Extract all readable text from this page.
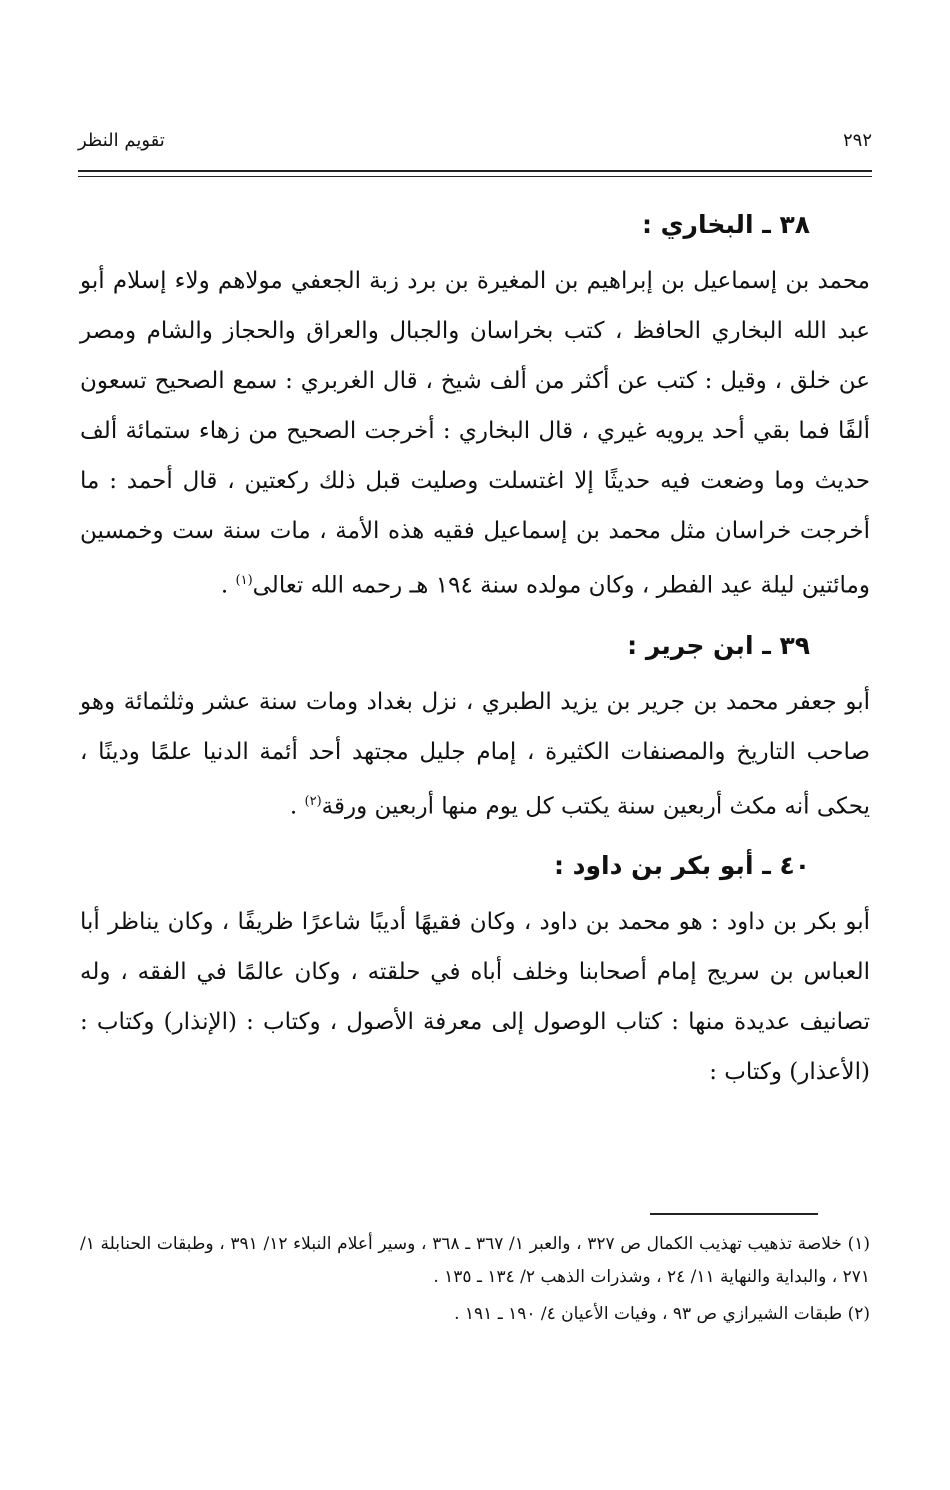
٢٩٢
تقويم النظر
٣٨ ـ البخاري :

محمد بن إسماعيل بن إبراهيم بن المغيرة بن برد زبة الجعفي مولاهم ولاء إسلام أبو عبد الله البخاري الحافظ ، كتب بخراسان والجبال والعراق والحجاز والشام ومصر عن خلق ، وقيل : كتب عن أكثر من ألف شيخ ، قال الغربري : سمع الصحيح تسعون ألفًا فما بقي أحد يرويه غيري ، قال البخاري : أخرجت الصحيح من زهاء ستمائة ألف حديث وما وضعت فيه حديثًا إلا اغتسلت وصليت قبل ذلك ركعتين ، قال أحمد : ما أخرجت خراسان مثل محمد بن إسماعيل فقيه هذه الأمة ، مات سنة ست وخمسين ومائتين ليلة عيد الفطر ، وكان مولده سنة ١٩٤ هـ رحمه الله تعالى$^{(١)}$ .

٣٩ ـ ابن جرير :

أبو جعفر محمد بن جرير بن يزيد الطبري ، نزل بغداد ومات سنة عشر وثلثمائة وهو صاحب التاريخ والمصنفات الكثيرة ، إمام جليل مجتهد أحد أئمة الدنيا علمًا ودينًا ، يحكى أنه مكث أربعين سنة يكتب كل يوم منها أربعين ورقة$^{(٢)}$ .

٤٠ ـ أبو بكر بن داود :

أبو بكر بن داود : هو محمد بن داود ، وكان فقيهًا أديبًا شاعرًا ظريفًا ، وكان يناظر أبا العباس بن سريج إمام أصحابنا وخلف أباه في حلقته ، وكان عالمًا في الفقه ، وله تصانيف عديدة منها : كتاب الوصول إلى معرفة الأصول ، وكتاب : (الإنذار) وكتاب : (الأعذار) وكتاب :

(١) خلاصة تذهيب تهذيب الكمال ص ٣٢٧ ، والعبر ١/ ٣٦٧ ـ ٣٦٨ ، وسير أعلام النبلاء ١٢/ ٣٩١ ، وطبقات الحنابلة ١/ ٢٧١ ، والبداية والنهاية ١١/ ٢٤ ، وشذرات الذهب ٢/ ١٣٤ ـ ١٣٥ .

(٢) طبقات الشيرازي ص ٩٣ ، وفيات الأعيان ٤/ ١٩٠ ـ ١٩١ .
